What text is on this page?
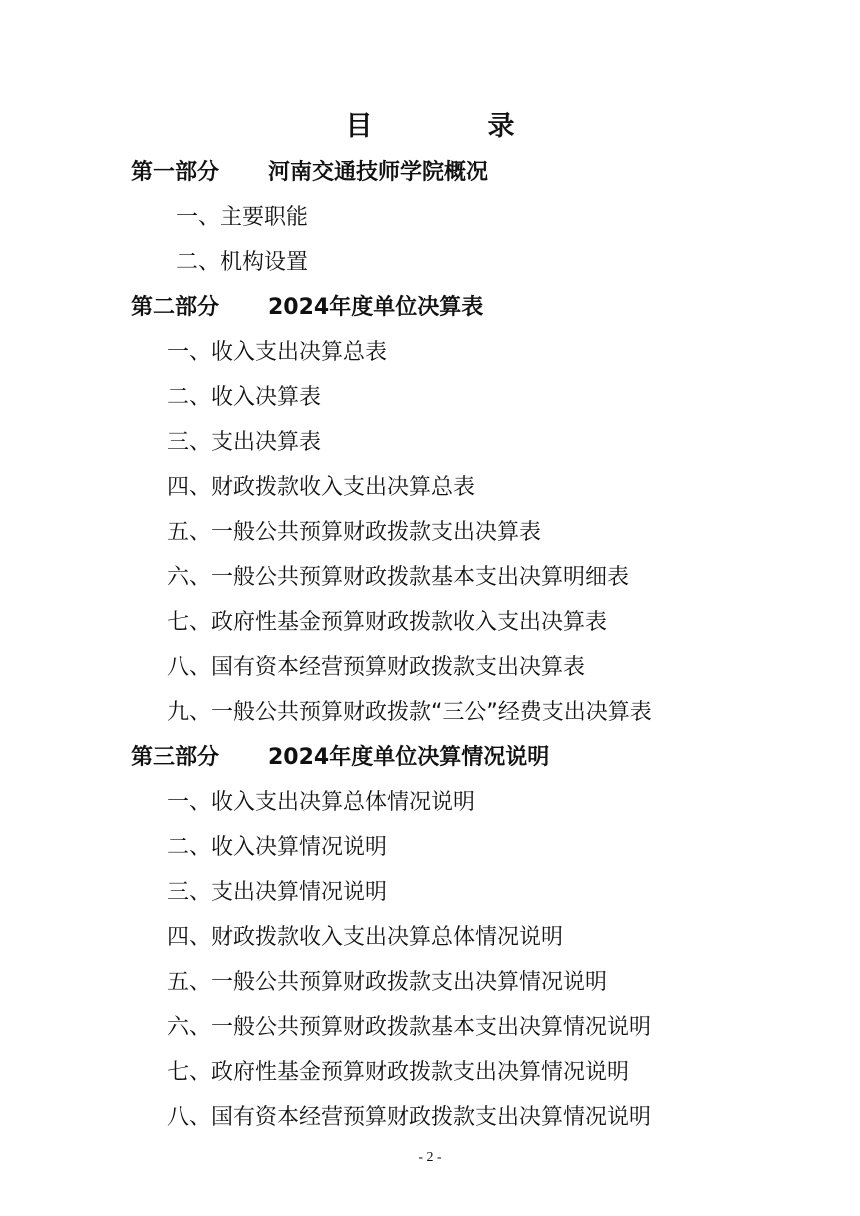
目　录
第一部分 河南交通技师学院概况
一、主要职能
二、机构设置
第二部分 2024年度单位决算表
一、收入支出决算总表
二、收入决算表
三、支出决算表
四、财政拨款收入支出决算总表
五、一般公共预算财政拨款支出决算表
六、一般公共预算财政拨款基本支出决算明细表
七、政府性基金预算财政拨款收入支出决算表
八、国有资本经营预算财政拨款支出决算表
九、一般公共预算财政拨款“三公”经费支出决算表
第三部分 2024年度单位决算情况说明
一、收入支出决算总体情况说明
二、收入决算情况说明
三、支出决算情况说明
四、财政拨款收入支出决算总体情况说明
五、一般公共预算财政拨款支出决算情况说明
六、一般公共预算财政拨款基本支出决算情况说明
七、政府性基金预算财政拨款支出决算情况说明
八、国有资本经营预算财政拨款支出决算情况说明
- 2 -
